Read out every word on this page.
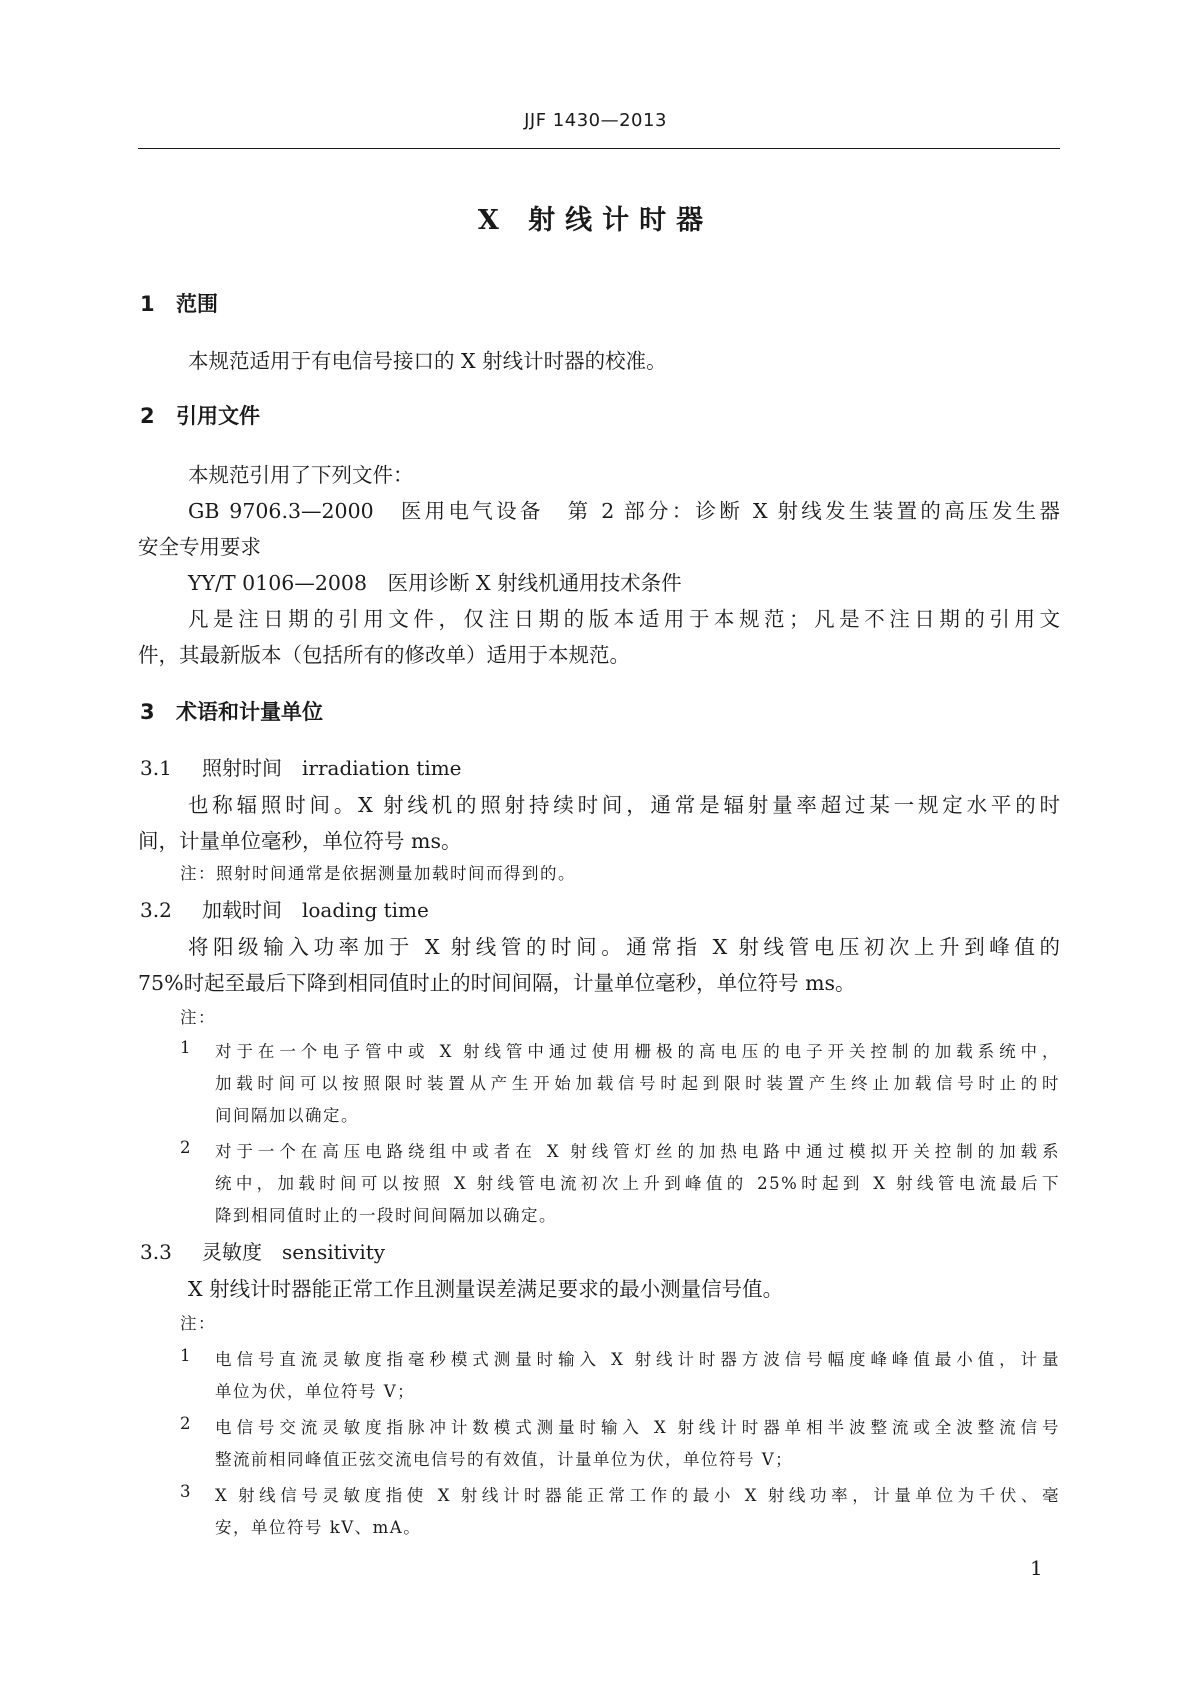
JJF 1430—2013
X 射线计时器
1 范围

本规范适用于有电信号接口的 X 射线计时器的校准。

2 引用文件

本规范引用了下列文件：

GB 9706.3—2000　医用电气设备　第 2 部分：诊断 X 射线发生装置的高压发生器

安全专用要求

YY/T 0106—2008　医用诊断 X 射线机通用技术条件

凡是注日期的引用文件，仅注日期的版本适用于本规范；凡是不注日期的引用文

件，其最新版本（包括所有的修改单）适用于本规范。

3 术语和计量单位
3.1 照射时间　irradiation time

也称辐照时间。X 射线机的照射持续时间，通常是辐射量率超过某一规定水平的时

间，计量单位毫秒，单位符号 ms。

注：照射时间通常是依据测量加载时间而得到的。

3.2 加载时间　loading time

将阳级输入功率加于 X 射线管的时间。通常指 X 射线管电压初次上升到峰值的

75%时起至最后下降到相同值时止的时间间隔，计量单位毫秒，单位符号 ms。

注：

1 对于在一个电子管中或 X 射线管中通过使用栅极的高电压的电子开关控制的加载系统中，

加载时间可以按照限时装置从产生开始加载信号时起到限时装置产生终止加载信号时止的时

间间隔加以确定。

2 对于一个在高压电路绕组中或者在 X 射线管灯丝的加热电路中通过模拟开关控制的加载系

统中，加载时间可以按照 X 射线管电流初次上升到峰值的 25%时起到 X 射线管电流最后下

降到相同值时止的一段时间间隔加以确定。

3.3 灵敏度　sensitivity

X 射线计时器能正常工作且测量误差满足要求的最小测量信号值。

注：

1 电信号直流灵敏度指毫秒模式测量时输入 X 射线计时器方波信号幅度峰峰值最小值，计量

单位为伏，单位符号 V；

2 电信号交流灵敏度指脉冲计数模式测量时输入 X 射线计时器单相半波整流或全波整流信号

整流前相同峰值正弦交流电信号的有效值，计量单位为伏，单位符号 V；

3 X 射线信号灵敏度指使 X 射线计时器能正常工作的最小 X 射线功率，计量单位为千伏、毫

安，单位符号 kV、mA。

1
